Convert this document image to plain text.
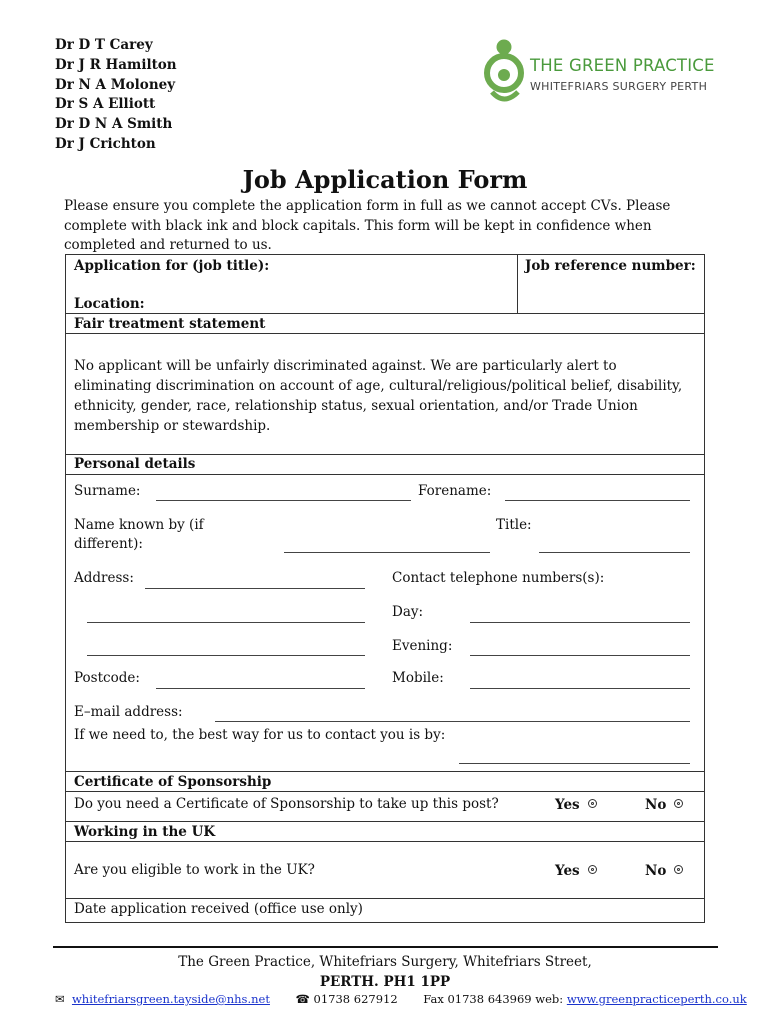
Dr D T Carey
Dr J R Hamilton
Dr N A Moloney
Dr S A Elliott
Dr D N A Smith
Dr J Crichton
THE GREEN PRACTICE
WHITEFRIARS SURGERY PERTH
Job Application Form
Please ensure you complete the application form in full as we cannot accept CVs. Please complete with black ink and block capitals. This form will be kept in confidence when completed and returned to us.
Application for (job title):	Job reference number:
Location:
Fair treatment statement
No applicant will be unfairly discriminated against. We are particularly alert to eliminating discrimination on account of age, cultural/religious/political belief, disability, ethnicity, gender, race, relationship status, sexual orientation, and/or Trade Union membership or stewardship.
Personal details
Surname:	Forename:
Name known by (if
different):
Title:
Address:	Contact telephone numbers(s):
Day:
Evening:
Postcode:	Mobile:
E–mail address:
If we need to, the best way for us to contact you is by:
Certificate of Sponsorship
Do you need a Certificate of Sponsorship to take up this post?	Yes	No
Working in the UK
Are you eligible to work in the UK?	Yes	No
Date application received (office use only)
The Green Practice, Whitefriars Surgery, Whitefriars Street,
PERTH. PH1 1PP
✉ whitefriarsgreen.tayside@nhs.net ☎ 01738 627912 Fax 01738 643969 web: www.greenpracticeperth.co.uk
